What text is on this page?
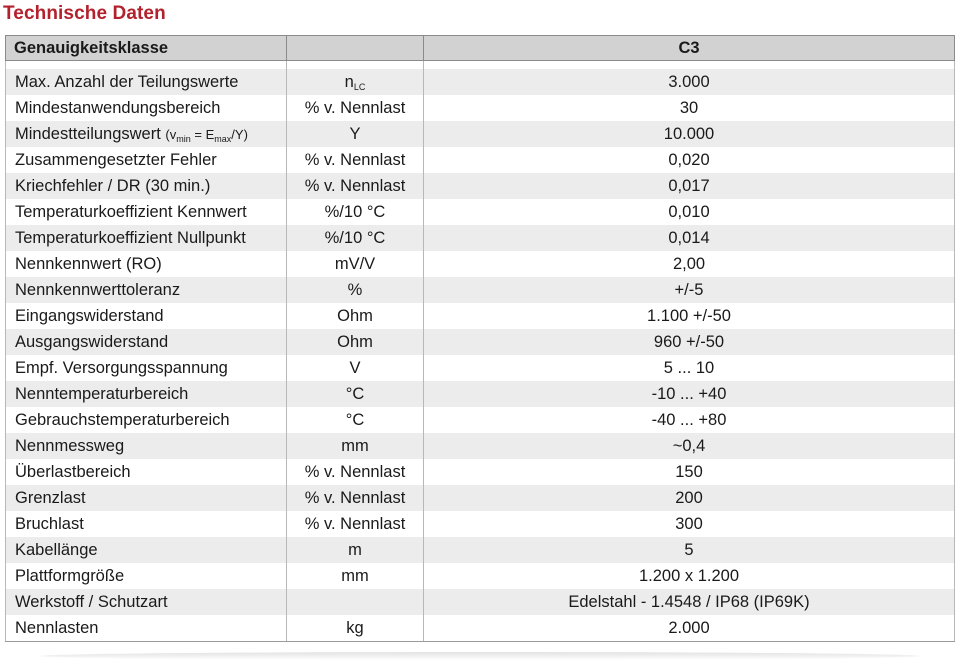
Technische Daten
Genauigkeitsklasse		C3

Max. Anzahl der Teilungswerte	$n_{LC}$	3.000
Mindestanwendungsbereich	% v. Nennlast	30
Mindestteilungswert $(v_{min} = E_{max}/Y)$	Y	10.000
Zusammengesetzter Fehler	% v. Nennlast	0,020
Kriechfehler / DR (30 min.)	% v. Nennlast	0,017
Temperaturkoeffizient Kennwert	%/10 °C	0,010
Temperaturkoeffizient Nullpunkt	%/10 °C	0,014
Nennkennwert (RO)	mV/V	2,00
Nennkennwerttoleranz	%	+/-5
Eingangswiderstand	Ohm	1.100 +/-50
Ausgangswiderstand	Ohm	960 +/-50
Empf. Versorgungsspannung	V	5 ... 10
Nenntemperaturbereich	°C	-10 ... +40
Gebrauchstemperaturbereich	°C	-40 ... +80
Nennmessweg	mm	~0,4
Überlastbereich	% v. Nennlast	150
Grenzlast	% v. Nennlast	200
Bruchlast	% v. Nennlast	300
Kabellänge	m	5
Plattformgröße	mm	1.200 x 1.200
Werkstoff / Schutzart		Edelstahl - 1.4548 / IP68 (IP69K)
Nennlasten	kg	2.000
